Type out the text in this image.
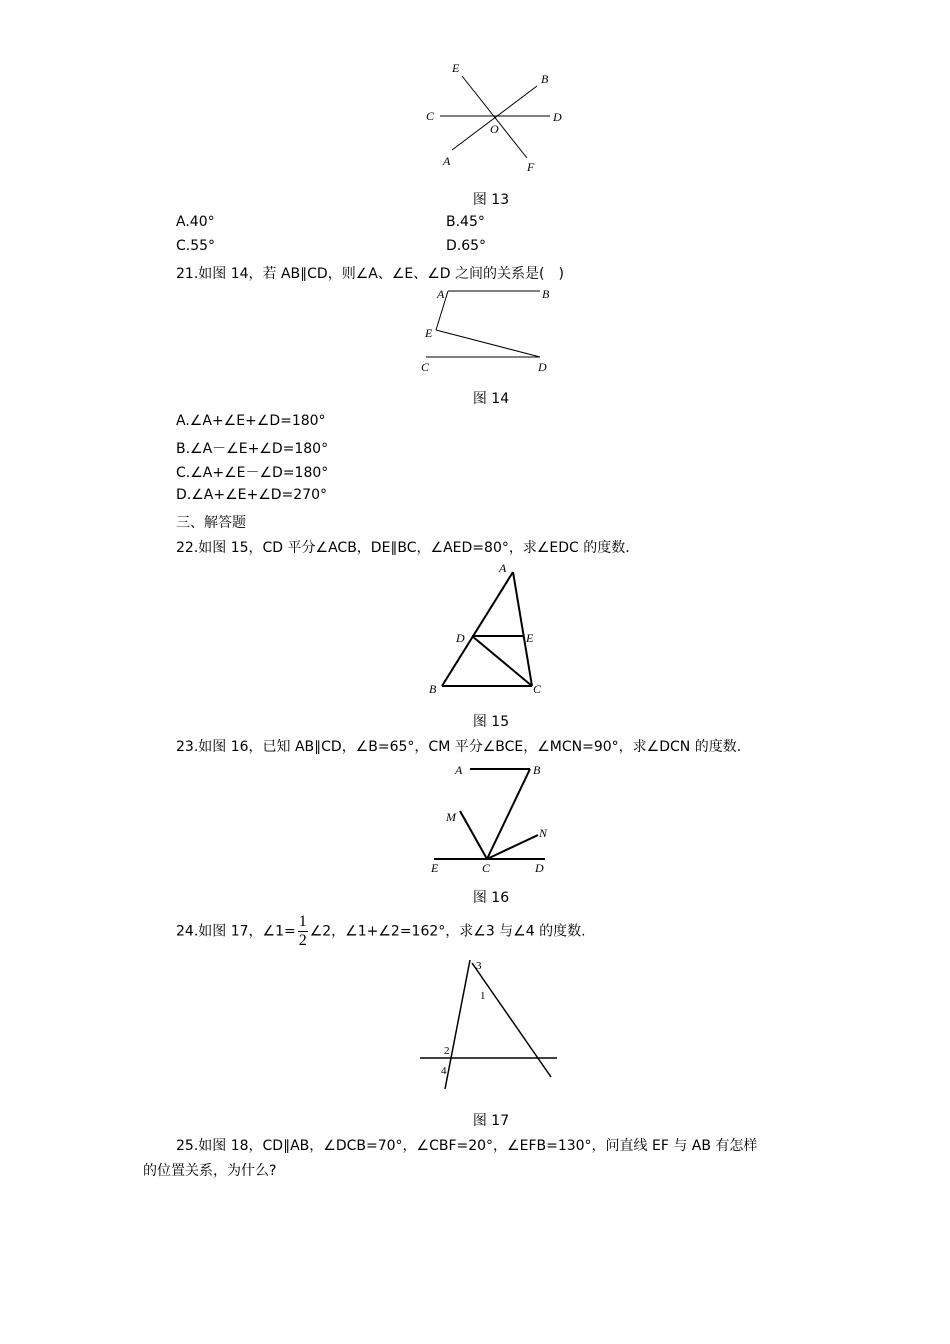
E
B
C
O
D
A	F
图 13
A.40°	B.45°
C.55°	D.65°
21.如图 14，若 AB∥CD，则∠A、∠E、∠D 之间的关系是(　)
A	B
E
C	D
图 14
A.∠A+∠E+∠D=180°
B.∠A－∠E+∠D=180°
C.∠A+∠E－∠D=180°
D.∠A+∠E+∠D=270°
三、解答题
22.如图 15，CD 平分∠ACB，DE∥BC，∠AED=80°，求∠EDC 的度数.
A
D	E
B	C
图 15
23.如图 16，已知 AB∥CD，∠B=65°，CM 平分∠BCE，∠MCN=90°，求∠DCN 的度数.
A	B
M
N
E	C	D
图 16
24.如图 17，∠1= $\frac{1}{2}$ ∠2，∠1+∠2=162°，求∠3 与∠4 的度数.
3
1
2
4
图 17
25.如图 18，CD∥AB，∠DCB=70°，∠CBF=20°，∠EFB=130°，问直线 EF 与 AB 有怎样
的位置关系，为什么?
